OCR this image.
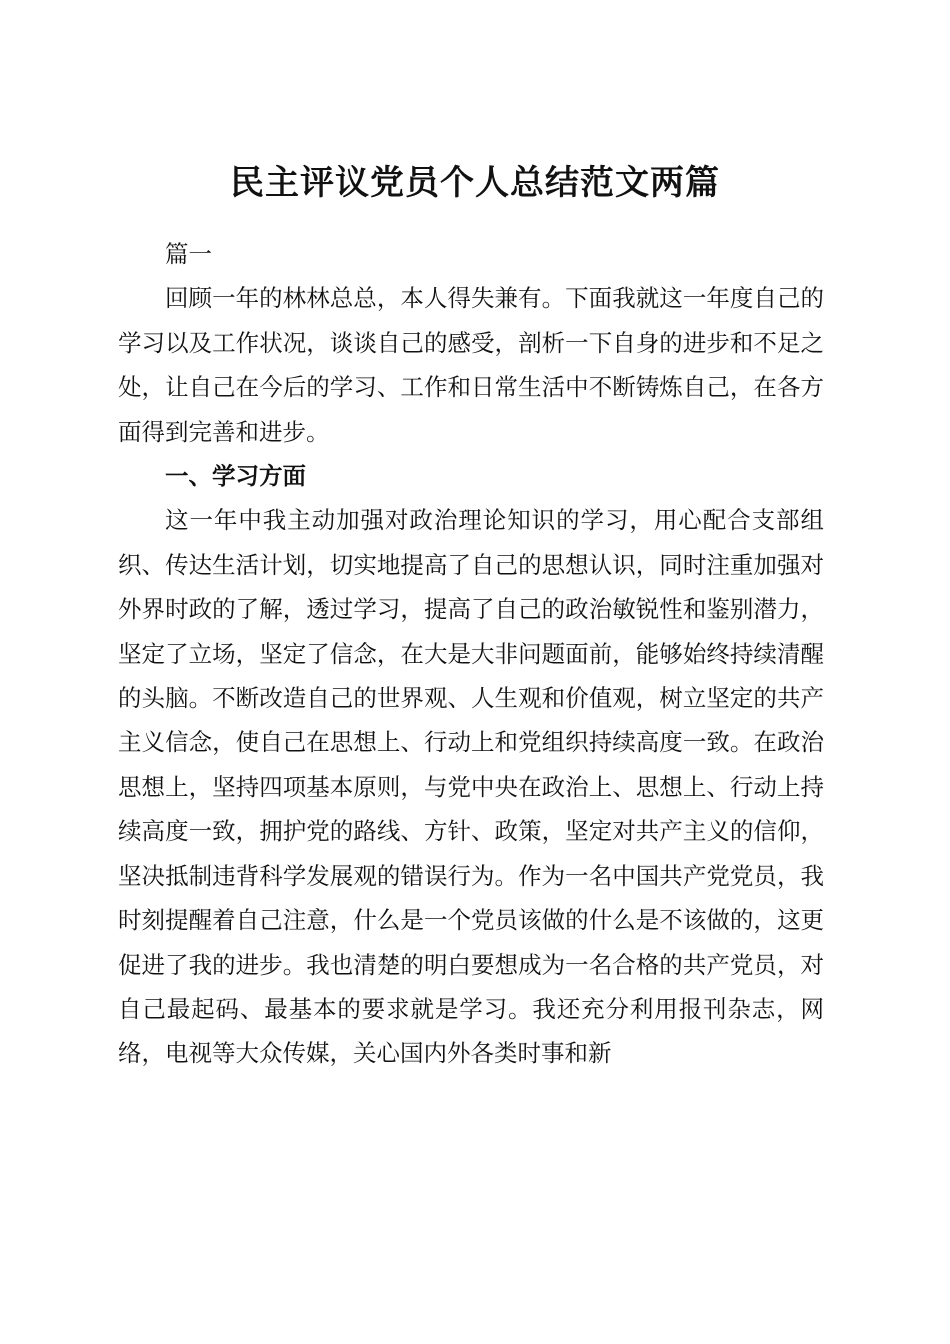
民主评议党员个人总结范文两篇

篇一

回顾一年的林林总总，本人得失兼有。下面我就这一年度自己的学习以及工作状况，谈谈自己的感受，剖析一下自身的进步和不足之处，让自己在今后的学习、工作和日常生活中不断铸炼自己，在各方面得到完善和进步。

一、学习方面

这一年中我主动加强对政治理论知识的学习，用心配合支部组织、传达生活计划，切实地提高了自己的思想认识，同时注重加强对外界时政的了解，透过学习，提高了自己的政治敏锐性和鉴别潜力，坚定了立场，坚定了信念，在大是大非问题面前，能够始终持续清醒的头脑。不断改造自己的世界观、人生观和价值观，树立坚定的共产主义信念，使自己在思想上、行动上和党组织持续高度一致。在政治思想上，坚持四项基本原则，与党中央在政治上、思想上、行动上持续高度一致，拥护党的路线、方针、政策，坚定对共产主义的信仰，坚决抵制违背科学发展观的错误行为。作为一名中国共产党党员，我时刻提醒着自己注意，什么是一个党员该做的什么是不该做的，这更促进了我的进步。我也清楚的明白要想成为一名合格的共产党员，对自己最起码、最基本的要求就是学习。我还充分利用报刊杂志，网络，电视等大众传媒，关心国内外各类时事和新
